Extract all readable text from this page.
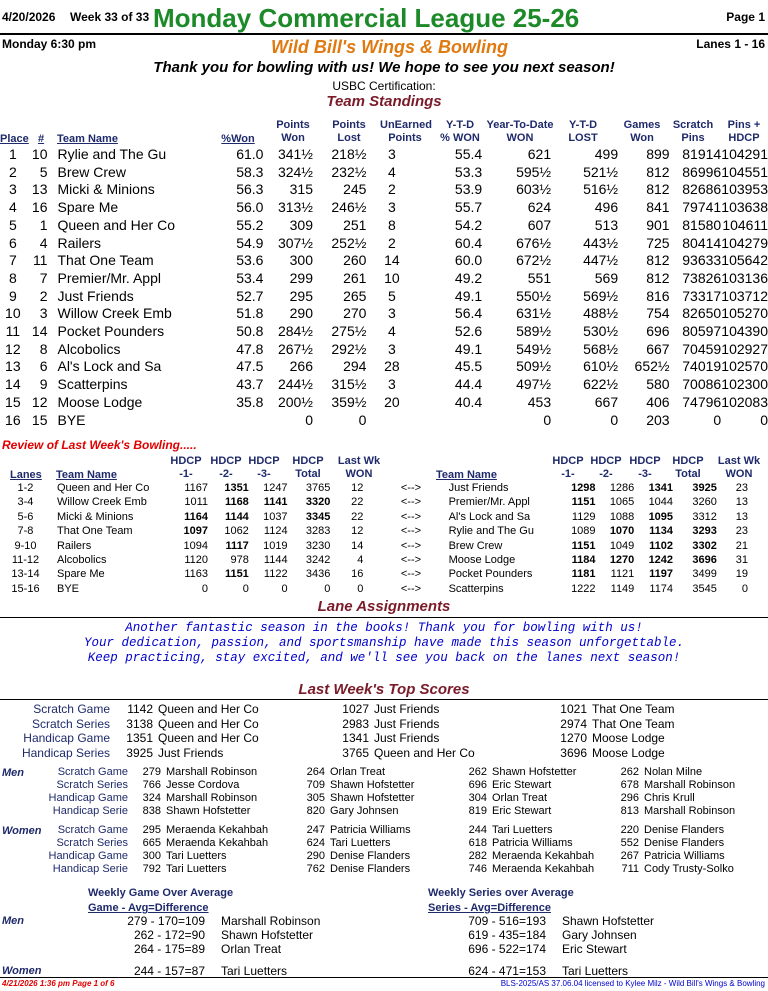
4/20/2026 Week 33 of 33 Monday Commercial League 25-26	Page 1
Monday 6:30 pm	Wild Bill's Wings & Bowling	Lanes 1 - 16
Thank you for bowling with us! We hope to see you next season!
USBC Certification:
Team Standings
Place #	Team Name	%Won
Points Won
Points Lost
UnEarned Points
Y-T-D % WON
Year-To-Date WON
Y-T-D LOST
Games Won
Scratch Pins
Pins + HDCP
1	10	Rylie and The Gu	61.0	341½	218½	3	55.4	621	499	899	81914	104291
2	5	Brew Crew	58.3	324½	232½	4	53.3	595½	521½	812	86996	104551
3	13	Micki & Minions	56.3	315	245	2	53.9	603½	516½	812	82686	103953
4	16	Spare Me	56.0	313½	246½	3	55.7	624	496	841	79741	103638
5	1	Queen and Her Co	55.2	309	251	8	54.2	607	513	901	81580	104611
6	4	Railers	54.9	307½	252½	2	60.4	676½	443½	725	80414	104279
7	11	That One Team	53.6	300	260	14	60.0	672½	447½	812	93633	105642
8	7	Premier/Mr. Appl	53.4	299	261	10	49.2	551	569	812	73826	103136
9	2	Just Friends	52.7	295	265	5	49.1	550½	569½	816	73317	103712
10	3	Willow Creek Emb	51.8	290	270	3	56.4	631½	488½	754	82650	105270
11	14	Pocket Pounders	50.8	284½	275½	4	52.6	589½	530½	696	80597	104390
12	8	Alcobolics	47.8	267½	292½	3	49.1	549½	568½	667	70459	102927
13	6	Al's Lock and Sa	47.5	266	294	28	45.5	509½	610½	652½	74019	102570
14	9	Scatterpins	43.7	244½	315½	3	44.4	497½	622½	580	70086	102300
15	12	Moose Lodge	35.8	200½	359½	20	40.4	453	667	406	74796	102083
16	15	BYE		0	0			0	0	203	0	0
Review of Last Week's Bowling.....
Lanes Team Name
HDCP -1-
HDCP -2-
HDCP -3-
HDCP Total
Last Wk WON	Team Name
HDCP -1-
HDCP -2-
HDCP -3-
HDCP Total
Last Wk WON
1-2	Queen and Her Co	1167	1351	1247	3765	12	<-->	Just Friends	1298	1286	1341	3925	23
3-4	Willow Creek Emb	1011	1168	1141	3320	22	<-->	Premier/Mr. Appl	1151	1065	1044	3260	13
5-6	Micki & Minions	1164	1144	1037	3345	22	<-->	Al's Lock and Sa	1129	1088	1095	3312	13
7-8	That One Team	1097	1062	1124	3283	12	<-->	Rylie and The Gu	1089	1070	1134	3293	23
9-10	Railers	1094	1117	1019	3230	14	<-->	Brew Crew	1151	1049	1102	3302	21
11-12	Alcobolics	1120	978	1144	3242	4	<-->	Moose Lodge	1184	1270	1242	3696	31
13-14	Spare Me	1163	1151	1122	3436	16	<-->	Pocket Pounders	1181	1121	1197	3499	19
15-16	BYE	0	0	0	0	0	<-->	Scatterpins	1222	1149	1174	3545	0
Lane Assignments
Another fantastic season in the books! Thank you for bowling with us!
Your dedication, passion, and sportsmanship have made this season unforgettable.
Keep practicing, stay excited, and we'll see you back on the lanes next season!
Last Week's Top Scores
Scratch Game	1142	Queen and Her Co	1027	Just Friends	1021	That One Team
Scratch Series	3138	Queen and Her Co	2983	Just Friends	2974	That One Team
Handicap Game	1351	Queen and Her Co	1341	Just Friends	1270	Moose Lodge
Handicap Series	3925	Just Friends	3765	Queen and Her Co	3696	Moose Lodge
Men	Scratch Game	279	Marshall Robinson	264	Orlan Treat	262	Shawn Hofstetter	262	Nolan Milne
Scratch Series	766	Jesse Cordova	709	Shawn Hofstetter	696	Eric Stewart	678	Marshall Robinson
Handicap Game	324	Marshall Robinson	305	Shawn Hofstetter	304	Orlan Treat	296	Chris Krull
Handicap Serie	838	Shawn Hofstetter	820	Gary Johnsen	819	Eric Stewart	813	Marshall Robinson
Women Scratch Game	295	Meraenda Kekahbah	247	Patricia Williams	244	Tari Luetters	220	Denise Flanders
Scratch Series	665	Meraenda Kekahbah	624	Tari Luetters	618	Patricia Williams	552	Denise Flanders
Handicap Game	300	Tari Luetters	290	Denise Flanders	282	Meraenda Kekahbah	267	Patricia Williams
Handicap Serie	792	Tari Luetters	762	Denise Flanders	746	Meraenda Kekahbah	711	Cody Trusty-Solko
Weekly Game Over Average
Game - Avg=Difference
Weekly Series over Average
Series - Avg=Difference
Men
Women
279 - 170=109 Marshall Robinson
262 - 172=90 Shawn Hofstetter
264 - 175=89 Orlan Treat
709 - 516=193 Shawn Hofstetter
619 - 435=184 Gary Johnsen
696 - 522=174 Eric Stewart
244 - 157=87 Tari Luetters	624 - 471=153 Tari Luetters
4/21/2026 1:36 pm Page 1 of 6	BLS-2025/AS 37.06.04 licensed to Kylee Milz - Wild Bill's Wings & Bowling
